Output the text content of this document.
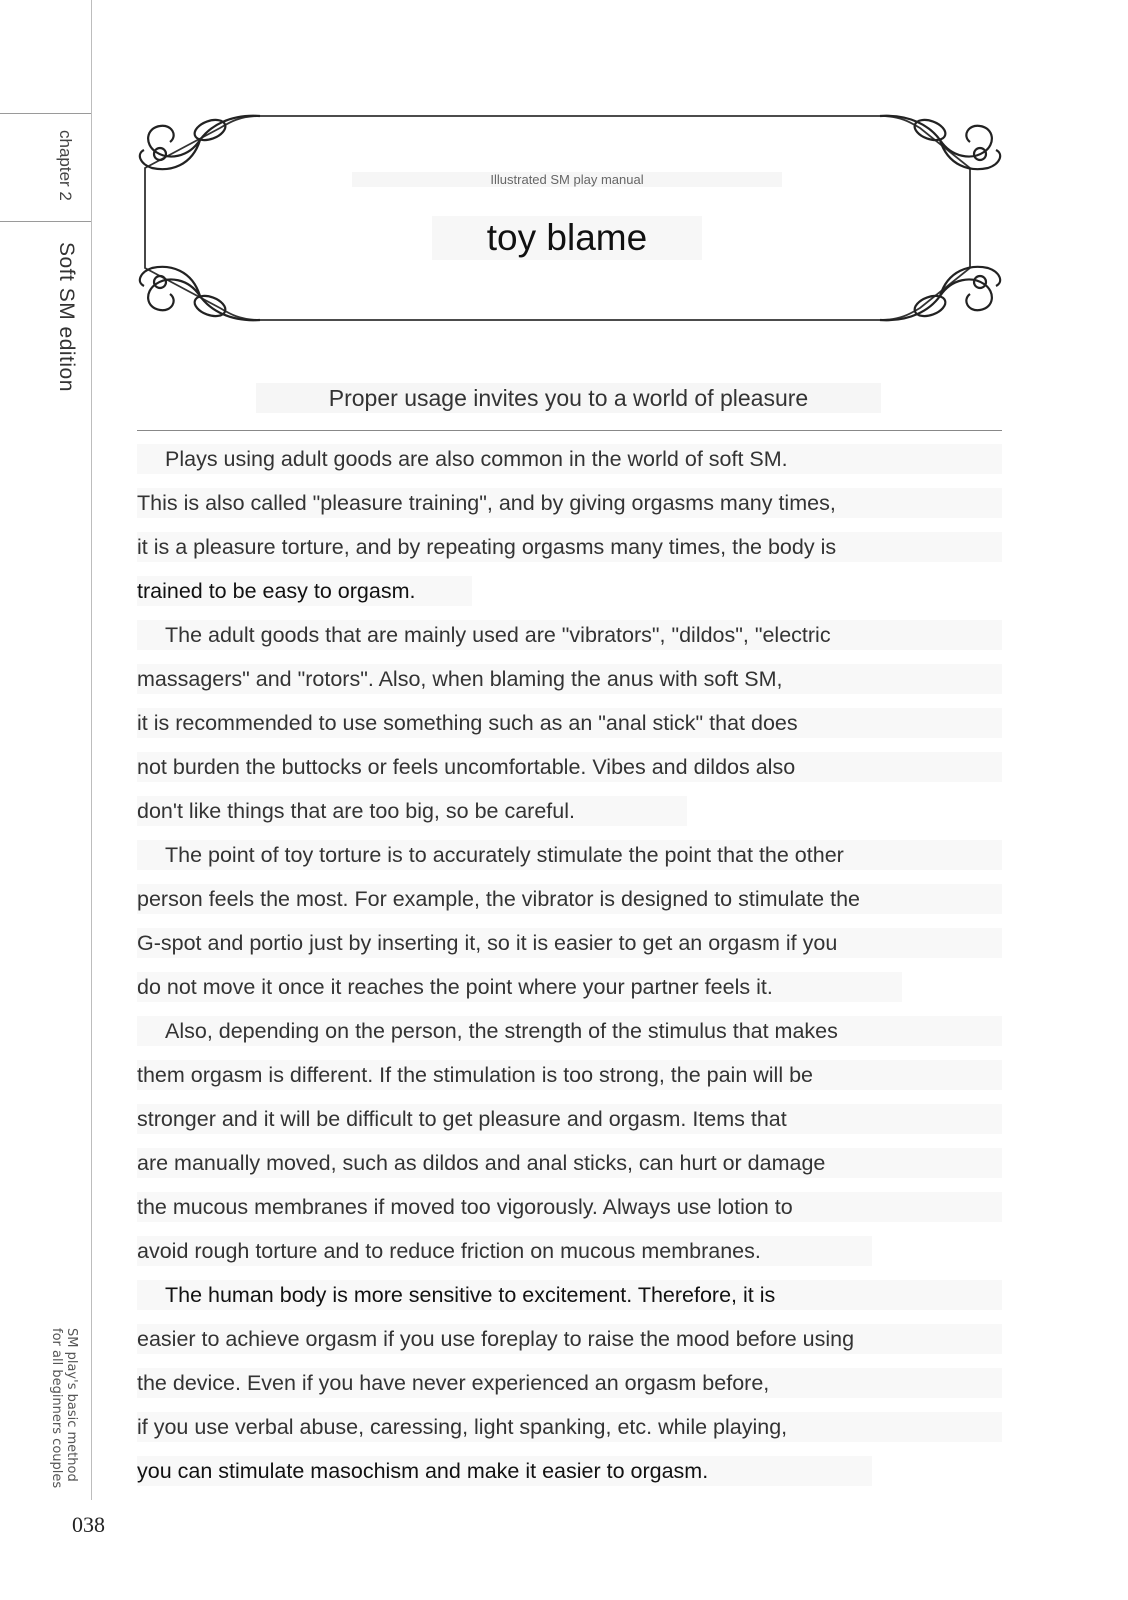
chapter 2
Soft SM edition
SM play's basic method
for all beginners couples
038
Illustrated SM play manual
toy blame
Proper usage invites you to a world of pleasure
Plays using adult goods are also common in the world of soft SM.
This is also called "pleasure training", and by giving orgasms many times,
it is a pleasure torture, and by repeating orgasms many times, the body is
trained to be easy to orgasm.
The adult goods that are mainly used are "vibrators", "dildos", "electric
massagers" and "rotors". Also, when blaming the anus with soft SM,
it is recommended to use something such as an "anal stick" that does
not burden the buttocks or feels uncomfortable. Vibes and dildos also
don't like things that are too big, so be careful.
The point of toy torture is to accurately stimulate the point that the other
person feels the most. For example, the vibrator is designed to stimulate the
G-spot and portio just by inserting it, so it is easier to get an orgasm if you
do not move it once it reaches the point where your partner feels it.
Also, depending on the person, the strength of the stimulus that makes
them orgasm is different. If the stimulation is too strong, the pain will be
stronger and it will be difficult to get pleasure and orgasm. Items that
are manually moved, such as dildos and anal sticks, can hurt or damage
the mucous membranes if moved too vigorously. Always use lotion to
avoid rough torture and to reduce friction on mucous membranes.
The human body is more sensitive to excitement. Therefore, it is
easier to achieve orgasm if you use foreplay to raise the mood before using
the device. Even if you have never experienced an orgasm before,
if you use verbal abuse, caressing, light spanking, etc. while playing,
you can stimulate masochism and make it easier to orgasm.
